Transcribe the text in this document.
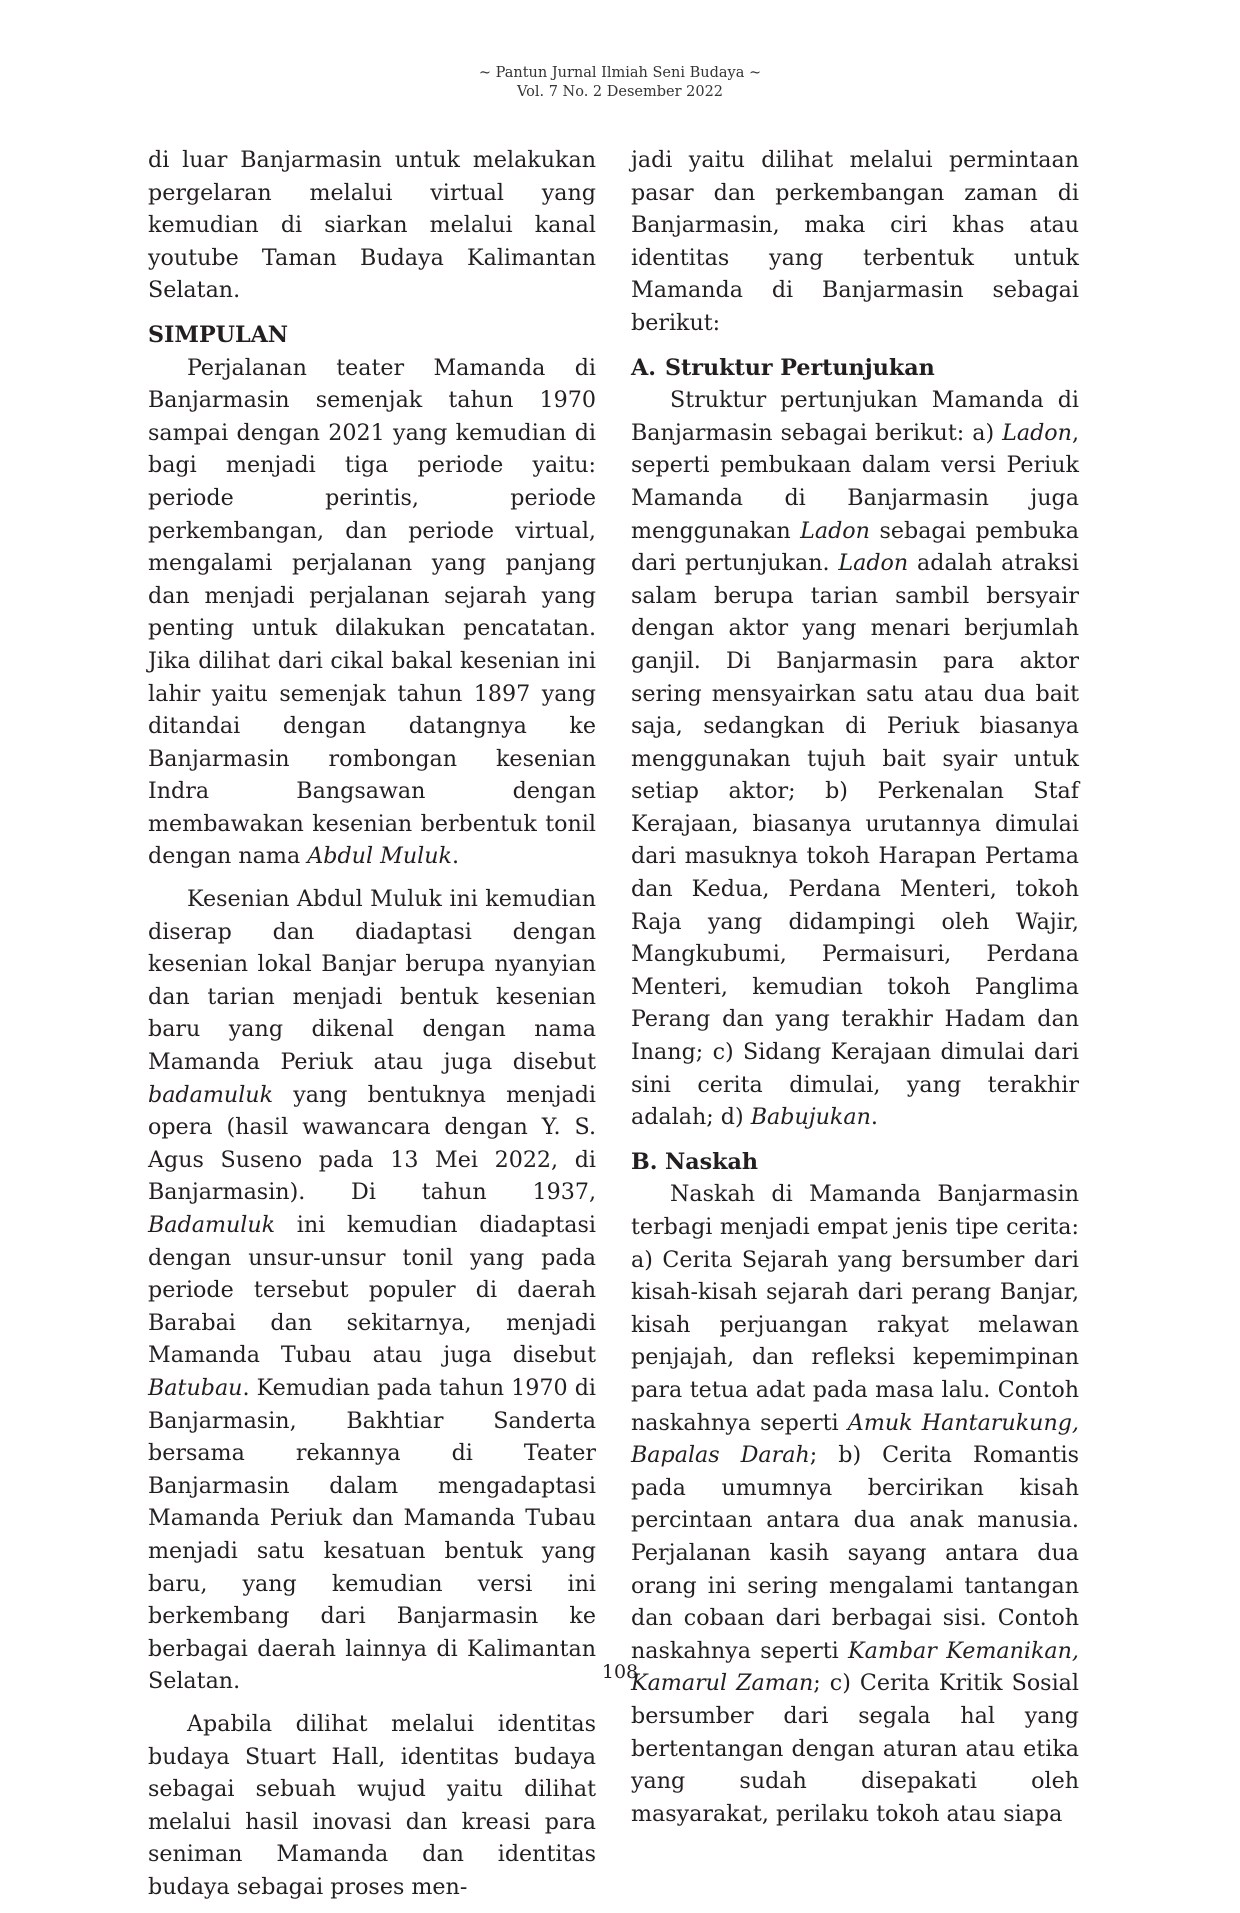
~ Pantun Jurnal Ilmiah Seni Budaya ~
Vol. 7 No. 2 Desember 2022

di luar Banjarmasin untuk melakukan pergelaran melalui virtual yang kemudian di siarkan melalui kanal youtube Taman Budaya Kalimantan Selatan.

SIMPULAN

Perjalanan teater Mamanda di Banjarmasin semenjak tahun 1970 sampai dengan 2021 yang kemudian di bagi menjadi tiga periode yaitu: periode perintis, periode perkembangan, dan periode virtual, mengalami perjalanan yang panjang dan menjadi perjalanan sejarah yang penting untuk dilakukan pencatatan. Jika dilihat dari cikal bakal kesenian ini lahir yaitu semenjak tahun 1897 yang ditandai dengan datangnya ke Banjarmasin rombongan kesenian Indra Bangsawan dengan membawakan kesenian berbentuk tonil dengan nama Abdul Muluk.

Kesenian Abdul Muluk ini kemudian diserap dan diadaptasi dengan kesenian lokal Banjar berupa nyanyian dan tarian menjadi bentuk kesenian baru yang dikenal dengan nama Mamanda Periuk atau juga disebut badamuluk yang bentuknya menjadi opera (hasil wawancara dengan Y. S. Agus Suseno pada 13 Mei 2022, di Banjarmasin). Di tahun 1937, Badamuluk ini kemudian diadaptasi dengan unsur-unsur tonil yang pada periode tersebut populer di daerah Barabai dan sekitarnya, menjadi Mamanda Tubau atau juga disebut Batubau. Kemudian pada tahun 1970 di Banjarmasin, Bakhtiar Sanderta bersama rekannya di Teater Banjarmasin dalam mengadaptasi Mamanda Periuk dan Mamanda Tubau menjadi satu kesatuan bentuk yang baru, yang kemudian versi ini berkembang dari Banjarmasin ke berbagai daerah lainnya di Kalimantan Selatan.

Apabila dilihat melalui identitas budaya Stuart Hall, identitas budaya sebagai sebuah wujud yaitu dilihat melalui hasil inovasi dan kreasi para seniman Mamanda dan identitas budaya sebagai proses men-

jadi yaitu dilihat melalui permintaan pasar dan perkembangan zaman di Banjarmasin, maka ciri khas atau identitas yang terbentuk untuk Mamanda di Banjarmasin sebagai berikut:

A. Struktur Pertunjukan

Struktur pertunjukan Mamanda di Banjarmasin sebagai berikut: a) Ladon, seperti pembukaan dalam versi Periuk Mamanda di Banjarmasin juga menggunakan Ladon sebagai pembuka dari pertunjukan. Ladon adalah atraksi salam berupa tarian sambil bersyair dengan aktor yang menari berjumlah ganjil. Di Banjarmasin para aktor sering mensyairkan satu atau dua bait saja, sedangkan di Periuk biasanya menggunakan tujuh bait syair untuk setiap aktor; b) Perkenalan Staf Kerajaan, biasanya urutannya dimulai dari masuknya tokoh Harapan Pertama dan Kedua, Perdana Menteri, tokoh Raja yang didampingi oleh Wajir, Mangkubumi, Permaisuri, Perdana Menteri, kemudian tokoh Panglima Perang dan yang terakhir Hadam dan Inang; c) Sidang Kerajaan dimulai dari sini cerita dimulai, yang terakhir adalah; d) Babujukan.

B. Naskah

Naskah di Mamanda Banjarmasin terbagi menjadi empat jenis tipe cerita: a) Cerita Sejarah yang bersumber dari kisah-kisah sejarah dari perang Banjar, kisah perjuangan rakyat melawan penjajah, dan refleksi kepemimpinan para tetua adat pada masa lalu. Contoh naskahnya seperti Amuk Hantarukung, Bapalas Darah; b) Cerita Romantis pada umumnya bercirikan kisah percintaan antara dua anak manusia. Perjalanan kasih sayang antara dua orang ini sering mengalami tantangan dan cobaan dari berbagai sisi. Contoh naskahnya seperti Kambar Kemanikan, Kamarul Zaman; c) Cerita Kritik Sosial bersumber dari segala hal yang bertentangan dengan aturan atau etika yang sudah disepakati oleh masyarakat, perilaku tokoh atau siapa

108
